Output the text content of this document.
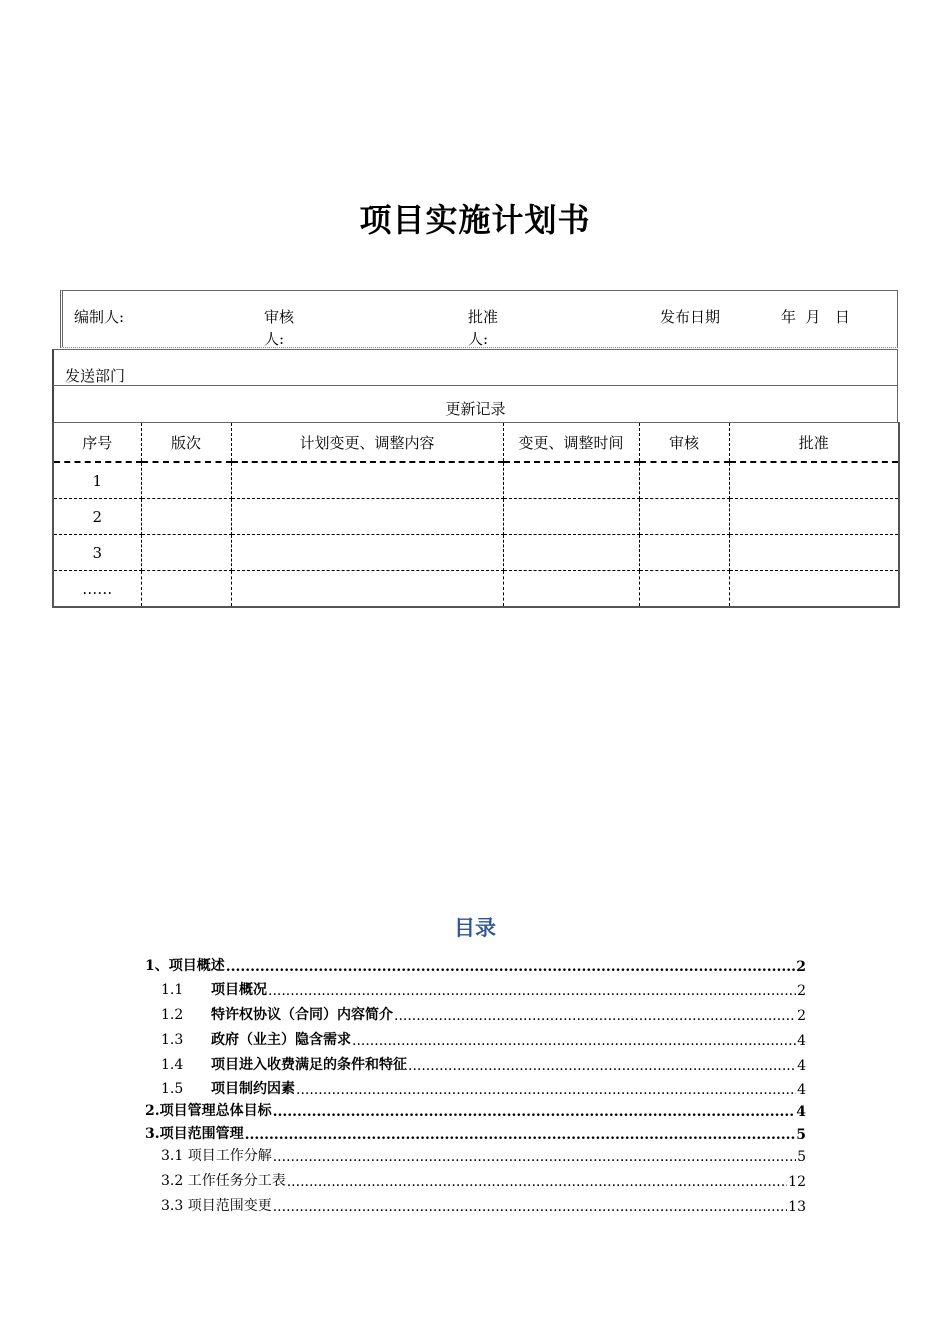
项目实施计划书
编制人:	审核
人:
批准
人:
发布日期	年  月   日
发送部门
更新记录
序号	版次	计划变更、调整内容	变更、调整时间	审核	批准
1					
2					
3					
……					
目录
1、项目概述 .....	2
1.1 项目概况 .....	2
1.2 特许权协议（合同）内容简介 .....	2
1.3 政府（业主）隐含需求 .....	4
1.4 项目进入收费满足的条件和特征 .....	4
1.5 项目制约因素 .....	4
2.项目管理总体目标 .....	4
3.项目范围管理 .....	5
3.1 项目工作分解 .....	5
3.2 工作任务分工表 .....	12
3.3 项目范围变更 .....	13
